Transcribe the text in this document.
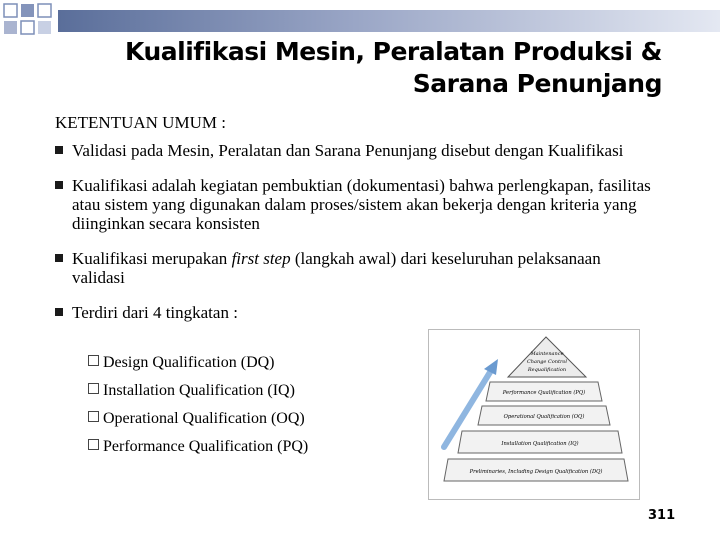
Kualifikasi Mesin, Peralatan Produksi &
Sarana Penunjang
KETENTUAN UMUM :
Validasi pada Mesin, Peralatan dan Sarana Penunjang disebut dengan Kualifikasi
Kualifikasi adalah kegiatan pembuktian (dokumentasi) bahwa perlengkapan, fasilitas atau sistem yang digunakan dalam proses/sistem akan bekerja dengan kriteria yang diinginkan secara konsisten
Kualifikasi merupakan first step (langkah awal) dari keseluruhan pelaksanaan validasi
Terdiri dari 4 tingkatan :
Design Qualification (DQ)
Installation Qualification (IQ)
Operational Qualification (OQ)
Performance Qualification (PQ)
Maintenance
Change Control
Requalification
Performance Qualification (PQ)
Operational Qualification (OQ)
Installation Qualification (IQ)
Preliminaries, Including Design Qualification (DQ)
311
